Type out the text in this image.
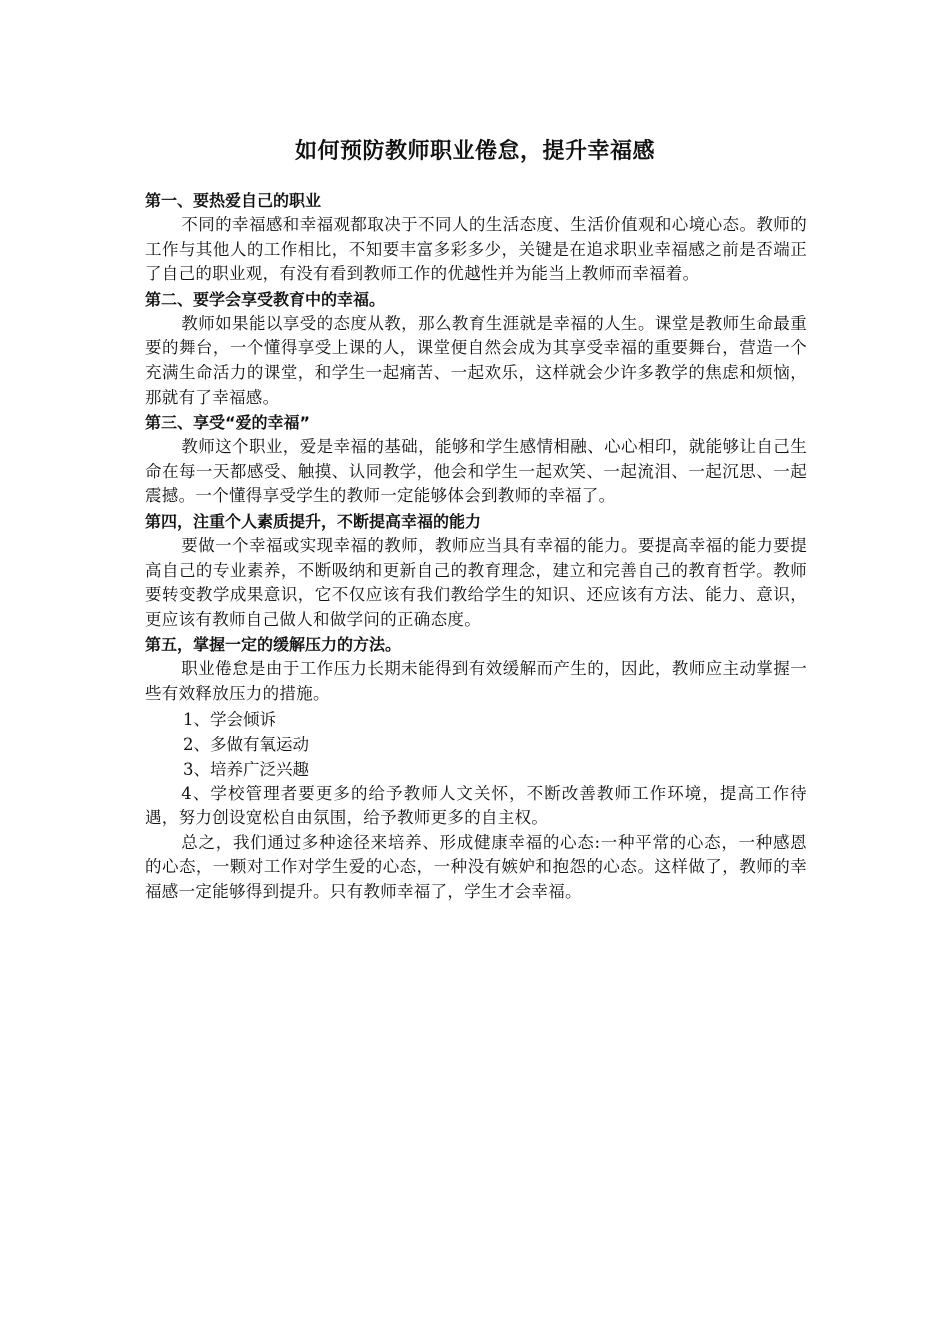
如何预防教师职业倦怠，提升幸福感

第一、要热爱自己的职业

不同的幸福感和幸福观都取决于不同人的生活态度、生活价值观和心境心态。教师的工作与其他人的工作相比，不知要丰富多彩多少，关键是在追求职业幸福感之前是否端正了自己的职业观，有没有看到教师工作的优越性并为能当上教师而幸福着。

第二、要学会享受教育中的幸福。

教师如果能以享受的态度从教，那么教育生涯就是幸福的人生。课堂是教师生命最重要的舞台，一个懂得享受上课的人，课堂便自然会成为其享受幸福的重要舞台，营造一个充满生命活力的课堂，和学生一起痛苦、一起欢乐，这样就会少许多教学的焦虑和烦恼，那就有了幸福感。

第三、享受“爱的幸福”

教师这个职业，爱是幸福的基础，能够和学生感情相融、心心相印，就能够让自己生命在每一天都感受、触摸、认同教学，他会和学生一起欢笑、一起流泪、一起沉思、一起震撼。一个懂得享受学生的教师一定能够体会到教师的幸福了。

第四，注重个人素质提升，不断提高幸福的能力

要做一个幸福或实现幸福的教师，教师应当具有幸福的能力。要提高幸福的能力要提高自己的专业素养，不断吸纳和更新自己的教育理念，建立和完善自己的教育哲学。教师要转变教学成果意识，它不仅应该有我们教给学生的知识、还应该有方法、能力、意识，更应该有教师自己做人和做学问的正确态度。

第五，掌握一定的缓解压力的方法。

职业倦怠是由于工作压力长期未能得到有效缓解而产生的，因此，教师应主动掌握一些有效释放压力的措施。

1、学会倾诉

2、多做有氧运动

3、培养广泛兴趣

4、学校管理者要更多的给予教师人文关怀，不断改善教师工作环境，提高工作待遇，努力创设宽松自由氛围，给予教师更多的自主权。

总之，我们通过多种途径来培养、形成健康幸福的心态:一种平常的心态，一种感恩的心态，一颗对工作对学生爱的心态，一种没有嫉妒和抱怨的心态。这样做了，教师的幸福感一定能够得到提升。只有教师幸福了，学生才会幸福。
